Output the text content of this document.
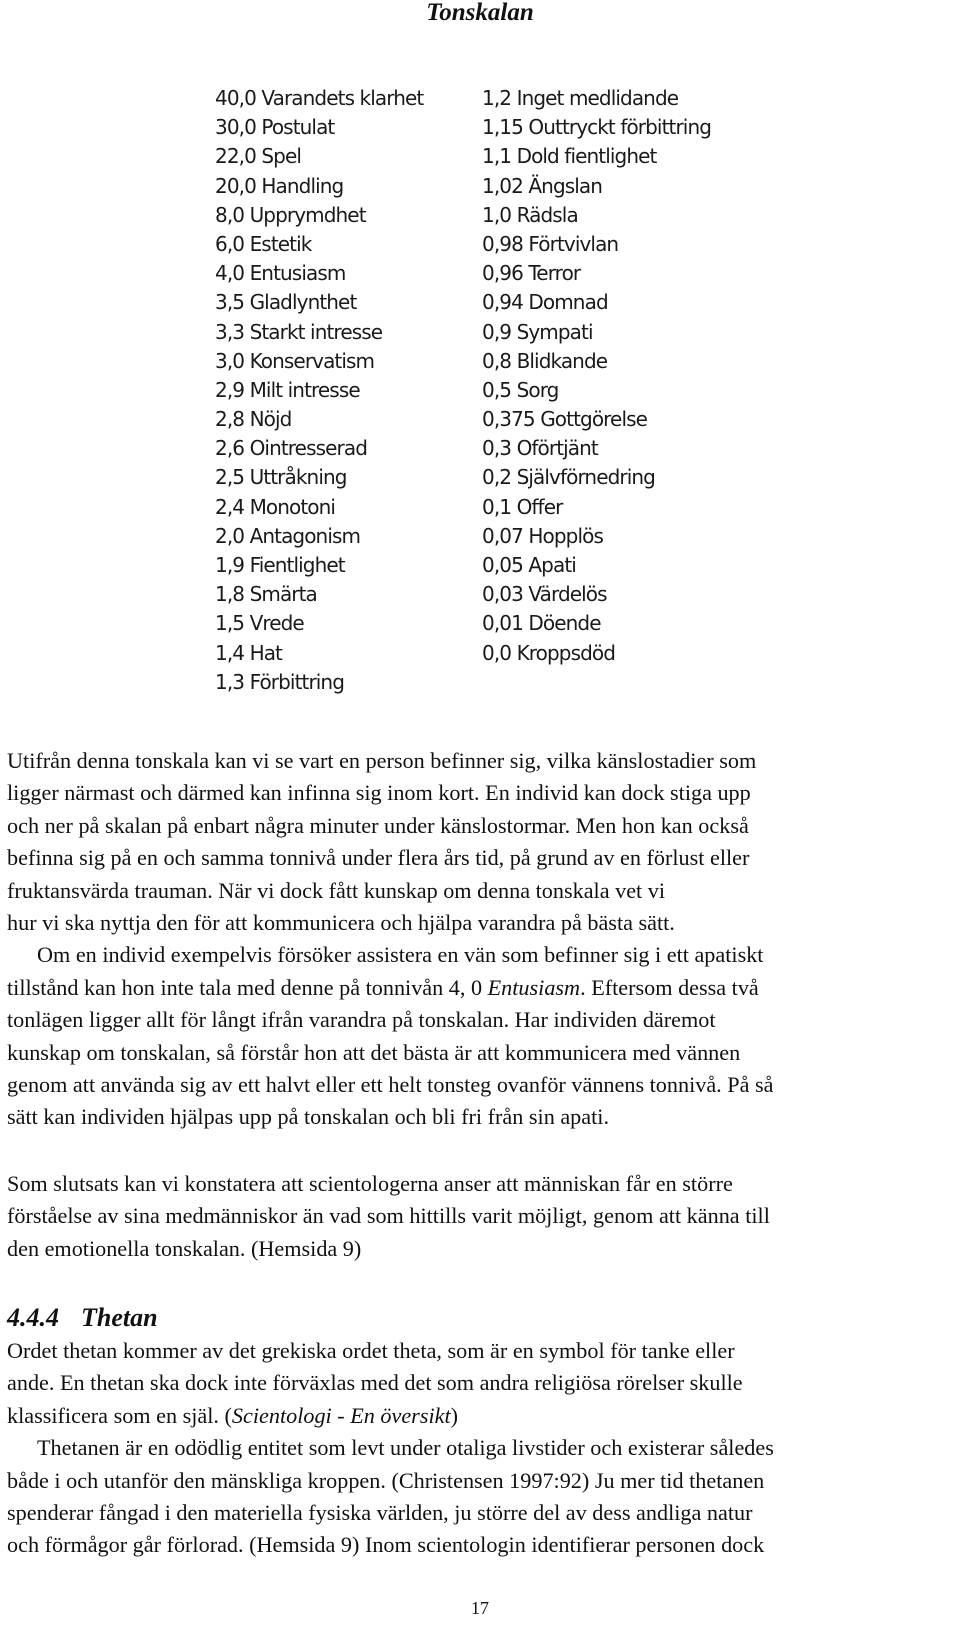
Tonskalan
40,0 Varandets klarhet
30,0 Postulat
22,0 Spel
20,0 Handling
8,0 Upprymdhet
6,0 Estetik
4,0 Entusiasm
3,5 Gladlynthet
3,3 Starkt intresse
3,0 Konservatism
2,9 Milt intresse
2,8 Nöjd
2,6 Ointresserad
2,5 Uttråkning
2,4 Monotoni
2,0 Antagonism
1,9 Fientlighet
1,8 Smärta
1,5 Vrede
1,4 Hat
1,3 Förbittring
1,2 Inget medlidande
1,15 Outtryckt förbittring
1,1 Dold fientlighet
1,02 Ängslan
1,0 Rädsla
0,98 Förtvivlan
0,96 Terror
0,94 Domnad
0,9 Sympati
0,8 Blidkande
0,5 Sorg
0,375 Gottgörelse
0,3 Oförtjänt
0,2 Självförnedring
0,1 Offer
0,07 Hopplös
0,05 Apati
0,03 Värdelös
0,01 Döende
0,0 Kroppsdöd

Utifrån denna tonskala kan vi se vart en person befinner sig, vilka känslostadier som

ligger närmast och därmed kan infinna sig inom kort. En individ kan dock stiga upp

och ner på skalan på enbart några minuter under känslostormar. Men hon kan också

befinna sig på en och samma tonnivå under flera års tid, på grund av en förlust eller

fruktansvärda trauman. När vi dock fått kunskap om denna tonskala vet vi

hur vi ska nyttja den för att kommunicera och hjälpa varandra på bästa sätt.

Om en individ exempelvis försöker assistera en vän som befinner sig i ett apatiskt

tillstånd kan hon inte tala med denne på tonnivån 4, 0 Entusiasm. Eftersom dessa två

tonlägen ligger allt för långt ifrån varandra på tonskalan. Har individen däremot

kunskap om tonskalan, så förstår hon att det bästa är att kommunicera med vännen

genom att använda sig av ett halvt eller ett helt tonsteg ovanför vännens tonnivå. På så

sätt kan individen hjälpas upp på tonskalan och bli fri från sin apati.

Som slutsats kan vi konstatera att scientologerna anser att människan får en större

förståelse av sina medmänniskor än vad som hittills varit möjligt, genom att känna till

den emotionella tonskalan. (Hemsida 9)

4.4.4 Thetan

Ordet thetan kommer av det grekiska ordet theta, som är en symbol för tanke eller

ande. En thetan ska dock inte förväxlas med det som andra religiösa rörelser skulle

klassificera som en själ. (Scientologi - En översikt)

Thetanen är en odödlig entitet som levt under otaliga livstider och existerar således

både i och utanför den mänskliga kroppen. (Christensen 1997:92) Ju mer tid thetanen

spenderar fångad i den materiella fysiska världen, ju större del av dess andliga natur

och förmågor går förlorad. (Hemsida 9) Inom scientologin identifierar personen dock

17
